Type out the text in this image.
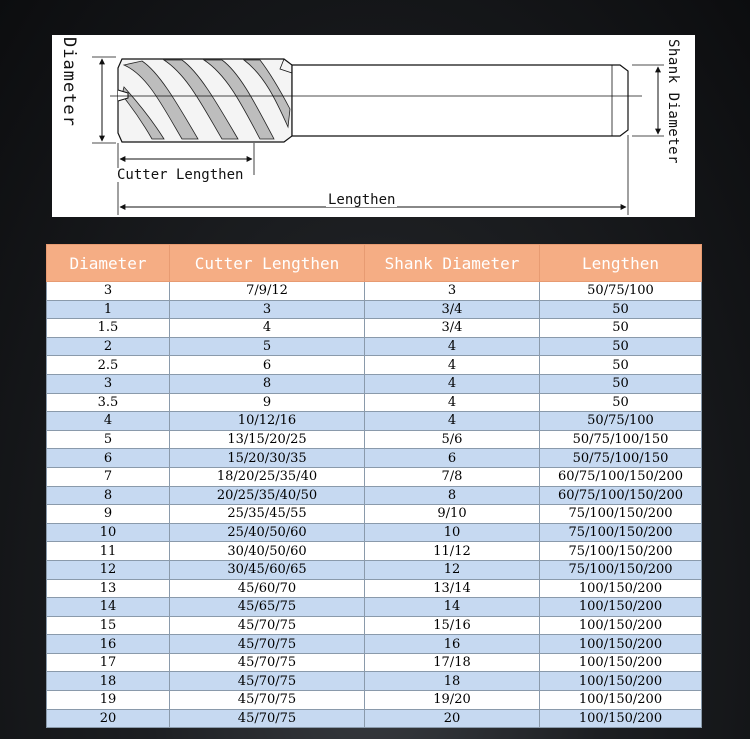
Diameter	Shank Diameter
Cutter Lengthen
Lengthen
Diameter	Cutter Lengthen	Shank Diameter	Lengthen
3	7/9/12	3	50/75/100
1	3	3/4	50
1.5	4	3/4	50
2	5	4	50
2.5	6	4	50
3	8	4	50
3.5	9	4	50
4	10/12/16	4	50/75/100
5	13/15/20/25	5/6	50/75/100/150
6	15/20/30/35	6	50/75/100/150
7	18/20/25/35/40	7/8	60/75/100/150/200
8	20/25/35/40/50	8	60/75/100/150/200
9	25/35/45/55	9/10	75/100/150/200
10	25/40/50/60	10	75/100/150/200
11	30/40/50/60	11/12	75/100/150/200
12	30/45/60/65	12	75/100/150/200
13	45/60/70	13/14	100/150/200
14	45/65/75	14	100/150/200
15	45/70/75	15/16	100/150/200
16	45/70/75	16	100/150/200
17	45/70/75	17/18	100/150/200
18	45/70/75	18	100/150/200
19	45/70/75	19/20	100/150/200
20	45/70/75	20	100/150/200
